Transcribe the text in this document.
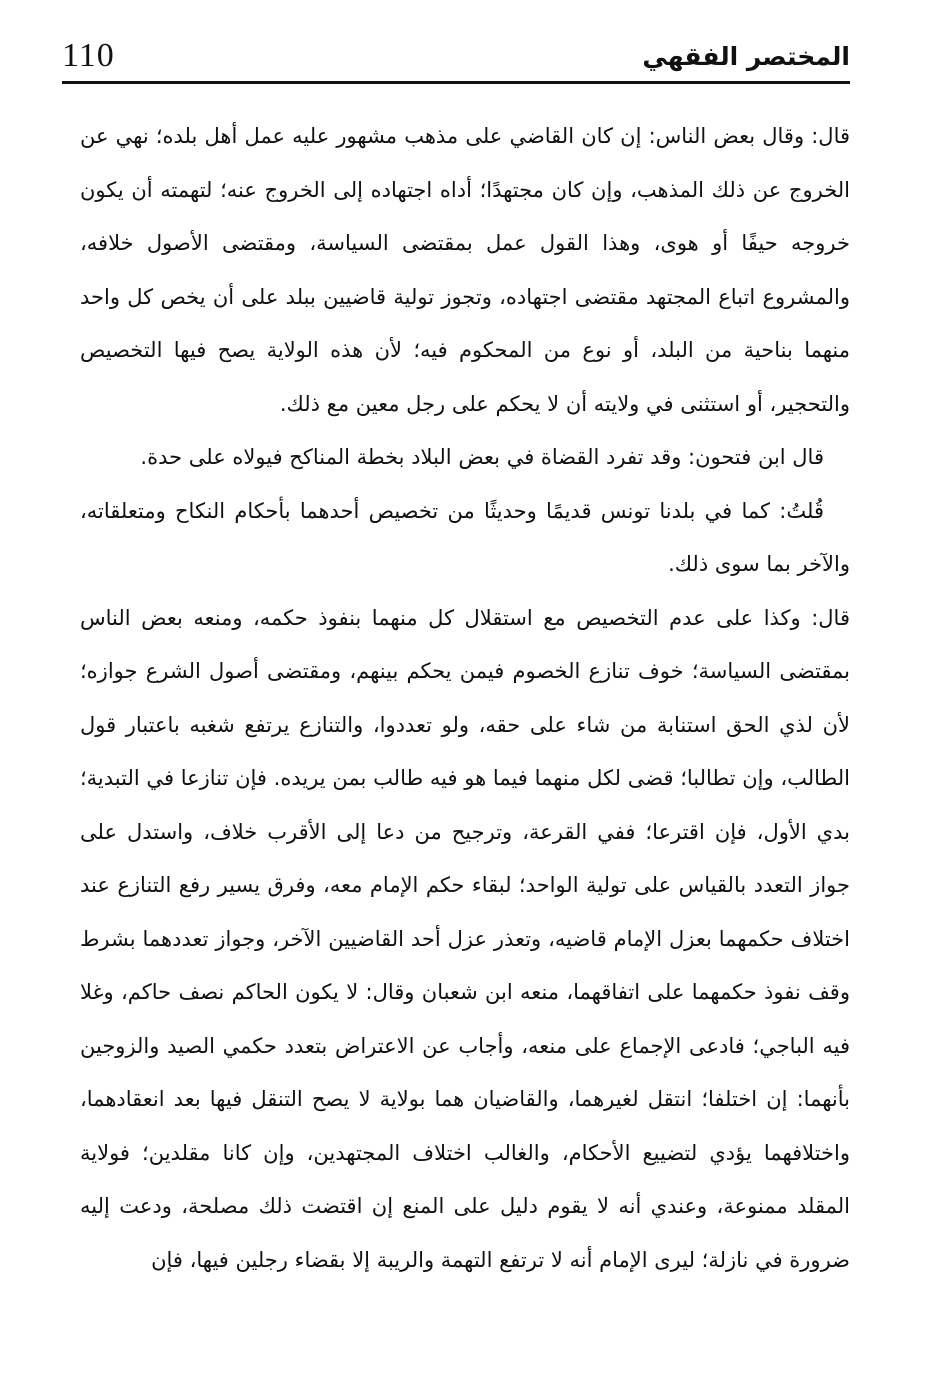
110	المختصر الفقهي

قال: وقال بعض الناس: إن كان القاضي على مذهب مشهور عليه عمل أهل بلده؛ نهي عن الخروج عن ذلك المذهب، وإن كان مجتهدًا؛ أداه اجتهاده إلى الخروج عنه؛ لتهمته أن يكون خروجه حيفًا أو هوى، وهذا القول عمل بمقتضى السياسة، ومقتضى الأصول خلافه، والمشروع اتباع المجتهد مقتضى اجتهاده، وتجوز تولية قاضيين ببلد على أن يخص كل واحد منهما بناحية من البلد، أو نوع من المحكوم فيه؛ لأن هذه الولاية يصح فيها التخصيص والتحجير، أو استثنى في ولايته أن لا يحكم على رجل معين مع ذلك.

قال ابن فتحون: وقد تفرد القضاة في بعض البلاد بخطة المناكح فيولاه على حدة.

قُلتُ: كما في بلدنا تونس قديمًا وحديثًا من تخصيص أحدهما بأحكام النكاح ومتعلقاته، والآخر بما سوى ذلك.

قال: وكذا على عدم التخصيص مع استقلال كل منهما بنفوذ حكمه، ومنعه بعض الناس بمقتضى السياسة؛ خوف تنازع الخصوم فيمن يحكم بينهم، ومقتضى أصول الشرع جوازه؛ لأن لذي الحق استنابة من شاء على حقه، ولو تعددوا، والتنازع يرتفع شغبه باعتبار قول الطالب، وإن تطالبا؛ قضى لكل منهما فيما هو فيه طالب بمن يريده. فإن تنازعا في التبدية؛ بدي الأول، فإن اقترعا؛ ففي القرعة، وترجيح من دعا إلى الأقرب خلاف، واستدل على جواز التعدد بالقياس على تولية الواحد؛ لبقاء حكم الإمام معه، وفرق يسير رفع التنازع عند اختلاف حكمهما بعزل الإمام قاضيه، وتعذر عزل أحد القاضيين الآخر، وجواز تعددهما بشرط وقف نفوذ حكمهما على اتفاقهما، منعه ابن شعبان وقال: لا يكون الحاكم نصف حاكم، وغلا فيه الباجي؛ فادعى الإجماع على منعه، وأجاب عن الاعتراض بتعدد حكمي الصيد والزوجين بأنهما: إن اختلفا؛ انتقل لغيرهما، والقاضيان هما بولاية لا يصح التنقل فيها بعد انعقادهما، واختلافهما يؤدي لتضييع الأحكام، والغالب اختلاف المجتهدين، وإن كانا مقلدين؛ فولاية المقلد ممنوعة، وعندي أنه لا يقوم دليل على المنع إن اقتضت ذلك مصلحة، ودعت إليه ضرورة في نازلة؛ ليرى الإمام أنه لا ترتفع التهمة والريبة إلا بقضاء رجلين فيها، فإن
